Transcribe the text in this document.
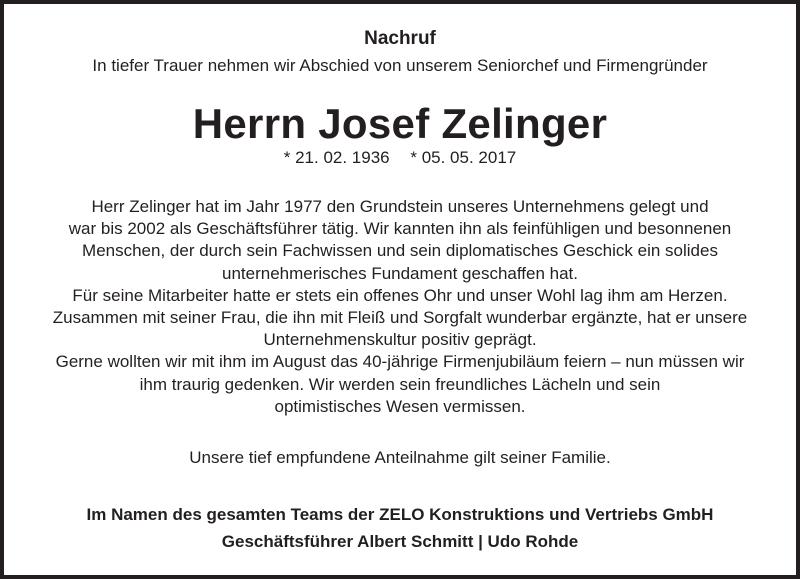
Nachruf
In tiefer Trauer nehmen wir Abschied von unserem Seniorchef und Firmengründer
Herrn Josef Zelinger
* 21. 02. 1936 * 05. 05. 2017
Herr Zelinger hat im Jahr 1977 den Grundstein unseres Unternehmens gelegt und
war bis 2002 als Geschäftsführer tätig. Wir kannten ihn als feinfühligen und besonnenen
Menschen, der durch sein Fachwissen und sein diplomatisches Geschick ein solides
unternehmerisches Fundament geschaffen hat.
Für seine Mitarbeiter hatte er stets ein offenes Ohr und unser Wohl lag ihm am Herzen.
Zusammen mit seiner Frau, die ihn mit Fleiß und Sorgfalt wunderbar ergänzte, hat er unsere
Unternehmenskultur positiv geprägt.
Gerne wollten wir mit ihm im August das 40-jährige Firmenjubiläum feiern – nun müssen wir
ihm traurig gedenken. Wir werden sein freundliches Lächeln und sein
optimistisches Wesen vermissen.
Unsere tief empfundene Anteilnahme gilt seiner Familie.
Im Namen des gesamten Teams der ZELO Konstruktions und Vertriebs GmbH
Geschäftsführer Albert Schmitt | Udo Rohde
